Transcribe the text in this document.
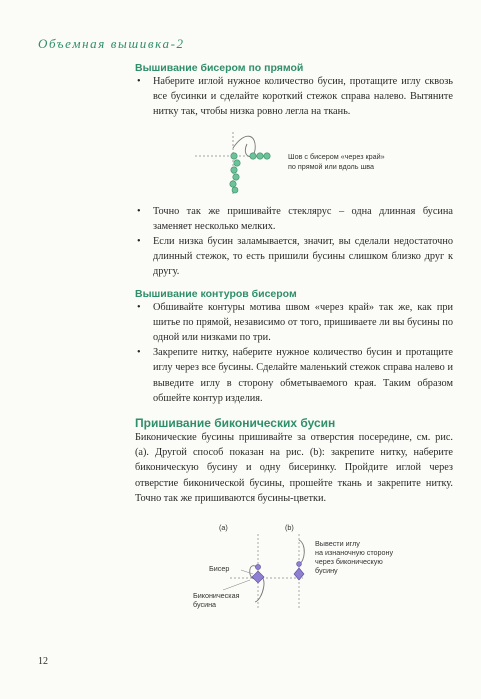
Объемная вышивка-2
Вышивание бисером по прямой
• Наберите иглой нужное количество бусин, протащите иглу сквозь все бусинки и сделайте короткий стежок справа налево. Вытяните нитку так, чтобы низка ровно легла на ткань.
Шов с бисером «через край»
по прямой или вдоль шва
• Точно так же пришивайте стеклярус – одна длинная бусина заменяет несколько мелких.
• Если низка бусин заламывается, значит, вы сделали недостаточно длинный стежок, то есть пришили бусины слишком близко друг к другу.
Вышивание контуров бисером
• Обшивайте контуры мотива швом «через край» так же, как при шитье по прямой, независимо от того, пришиваете ли вы бусины по одной или низками по три.
• Закрепите нитку, наберите нужное количество бусин и протащите иглу через все бусины. Сделайте маленький стежок справа налево и выведите иглу в сторону обметываемого края. Таким образом обшейте контур изделия.
Пришивание биконических бусин

Биконические бусины пришивайте за отверстия посередине, см. рис. (а). Другой способ показан на рис. (b): закрепите нитку, наберите биконическую бусину и одну бисеринку. Пройдите иглой через отверстие биконической бусины, прошейте ткань и закрепите нитку. Точно так же пришиваются бусины-цветки.

(a)	(b)
Бисер
Биконическая
бусина
Вывести иглу
на изнаночную сторону
через биконическую
бусину
12
